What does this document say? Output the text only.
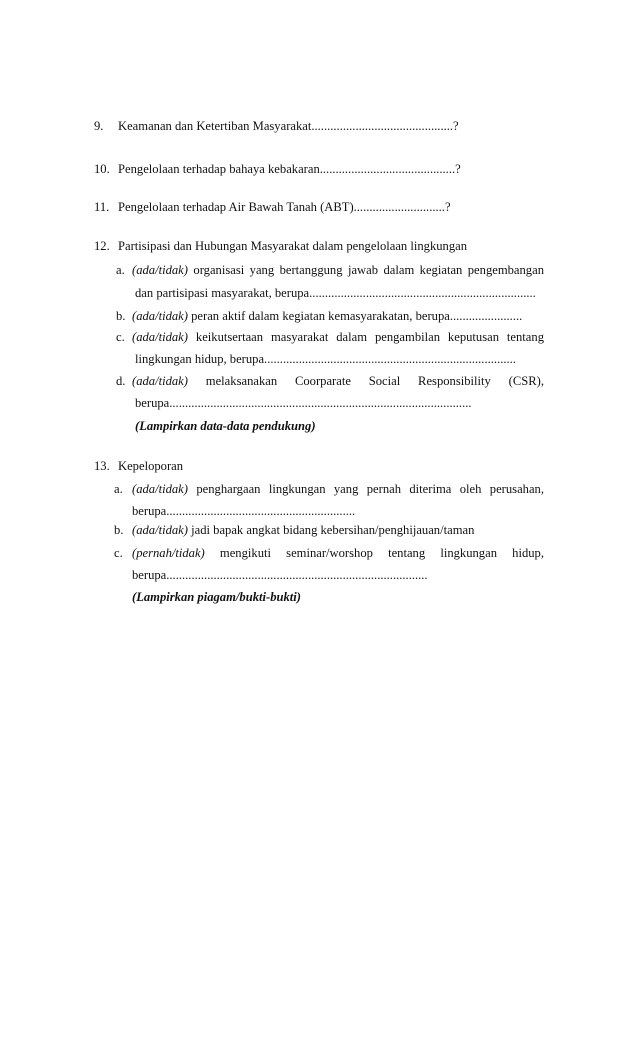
9. Keamanan dan Ketertiban Masyarakat.............................................?
10. Pengelolaan terhadap bahaya kebakaran...........................................?
11. Pengelolaan terhadap Air Bawah Tanah (ABT).............................?
12. Partisipasi dan Hubungan Masyarakat dalam pengelolaan lingkungan
a. (ada/tidak) organisasi yang bertanggung jawab dalam kegiatan pengembangan
dan partisipasi masyarakat, berupa........................................................................
b. (ada/tidak) peran aktif dalam kegiatan kemasyarakatan, berupa.......................
c. (ada/tidak) keikutsertaan masyarakat dalam pengambilan keputusan tentang
lingkungan hidup, berupa................................................................................
d. (ada/tidak) melaksanakan Coorparate Social Responsibility (CSR),
berupa................................................................................................
(Lampirkan data-data pendukung)
13. Kepeloporan
a. (ada/tidak) penghargaan lingkungan yang pernah diterima oleh perusahan,
berupa............................................................
b. (ada/tidak) jadi bapak angkat bidang kebersihan/penghijauan/taman
c. (pernah/tidak) mengikuti seminar/worshop tentang lingkungan hidup,
berupa...................................................................................
(Lampirkan piagam/bukti-bukti)
